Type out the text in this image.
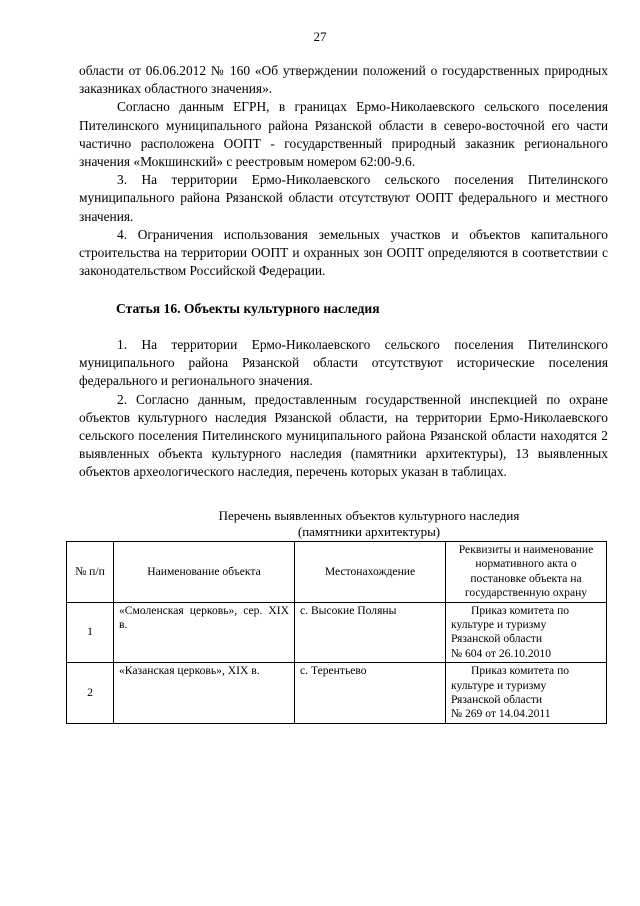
27

области от 06.06.2012 № 160 «Об утверждении положений о государственных природных заказниках областного значения».

Согласно данным ЕГРН, в границах Ермо-Николаевского сельского поселения Пителинского муниципального района Рязанской области в северо-восточной его части частично расположена ООПТ - государственный природный заказник регионального значения «Мокшинский» с реестровым номером 62:00-9.6.

3. На территории Ермо-Николаевского сельского поселения Пителинского муниципального района Рязанской области отсутствуют ООПТ федерального и местного значения.

4. Ограничения использования земельных участков и объектов капитального строительства на территории ООПТ и охранных зон ООПТ определяются в соответствии с законодательством Российской Федерации.

Статья 16. Объекты культурного наследия

1. На территории Ермо-Николаевского сельского поселения Пителинского муниципального района Рязанской области отсутствуют исторические поселения федерального и регионального значения.

2. Согласно данным, предоставленным государственной инспекцией по охране объектов культурного наследия Рязанской области, на территории Ермо-Николаевского сельского поселения Пителинского муниципального района Рязанской области находятся 2 выявленных объекта культурного наследия (памятники архитектуры), 13 выявленных объектов археологического наследия, перечень которых указан в таблицах.

Перечень выявленных объектов культурного наследия
(памятники архитектуры)
№ п/п	Наименование объекта	Местонахождение	Реквизиты и наименование нормативного акта о постановке объекта на государственную охрану
1	«Смоленская церковь», сер. XIX в.	с. Высокие Поляны	Приказ комитета по
культуре и туризму
Рязанской области
№ 604 от 26.10.2010

2	«Казанская церковь», XIX в.	с. Терентьево	Приказ комитета по
культуре и туризму
Рязанской области
№ 269 от 14.04.2011
